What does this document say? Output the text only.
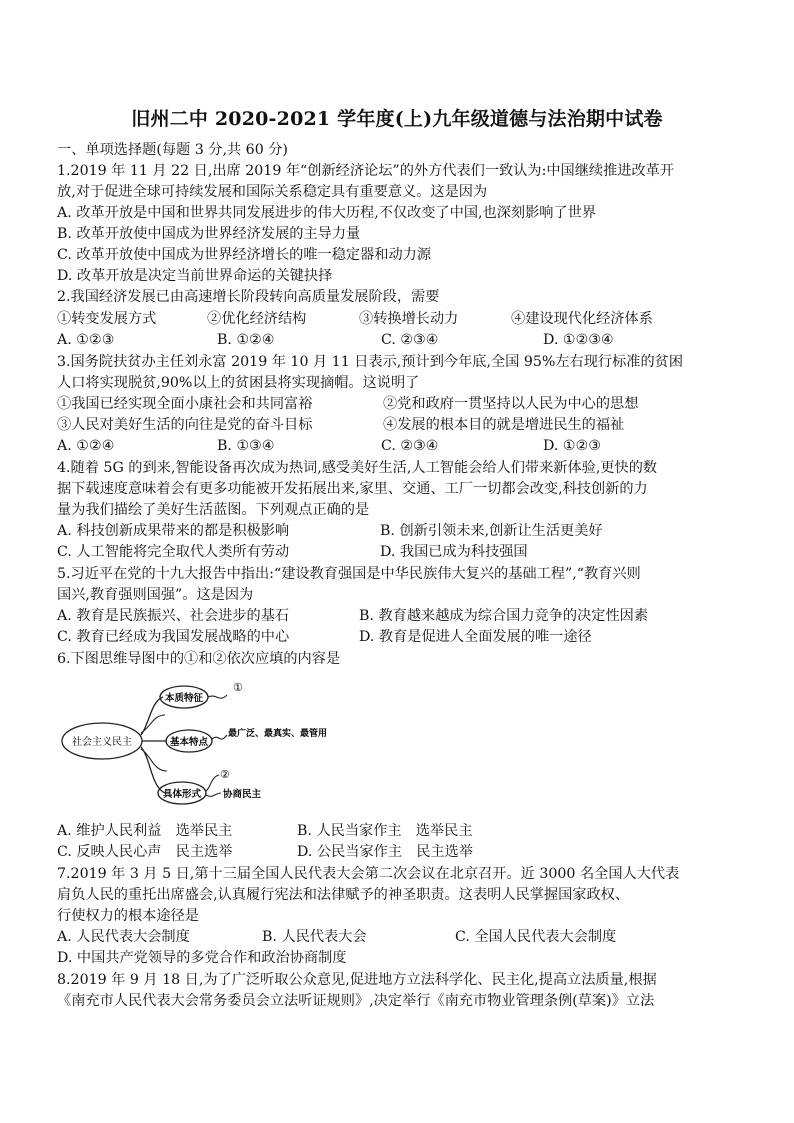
旧州二中 2020-2021 学年度(上)九年级道德与法治期中试卷
一、单项选择题(每题 3 分,共 60 分)
1.2019 年 11 月 22 日,出席 2019 年“创新经济论坛”的外方代表们一致认为:中国继续推进改革开
放,对于促进全球可持续发展和国际关系稳定具有重要意义。这是因为
A. 改革开放是中国和世界共同发展进步的伟大历程,不仅改变了中国,也深刻影响了世界
B. 改革开放使中国成为世界经济发展的主导力量
C. 改革开放使中国成为世界经济增长的唯一稳定器和动力源
D. 改革开放是决定当前世界命运的关键抉择
2.我国经济发展已由高速增长阶段转向高质量发展阶段，需要
①转变发展方式	②优化经济结构	③转换增长动力	④建设现代化经济体系
A. ①②③	B. ①②④	C. ②③④	D. ①②③④
3.国务院扶贫办主任刘永富 2019 年 10 月 11 日表示,预计到今年底,全国 95%左右现行标准的贫困
人口将实现脱贫,90%以上的贫困县将实现摘帽。这说明了
①我国已经实现全面小康社会和共同富裕	②党和政府一贯坚持以人民为中心的思想
③人民对美好生活的向往是党的奋斗目标	④发展的根本目的就是增进民生的福祉
A. ①②④	B. ①③④	C. ②③④	D. ①②③
4.随着 5G 的到来,智能设备再次成为热词,感受美好生活,人工智能会给人们带来新体验,更快的数
据下载速度意味着会有更多功能被开发拓展出来,家里、交通、工厂一切都会改变,科技创新的力
量为我们描绘了美好生活蓝图。下列观点正确的是
A. 科技创新成果带来的都是积极影响	B. 创新引领未来,创新让生活更美好
C. 人工智能将完全取代人类所有劳动	D. 我国已成为科技强国
5.习近平在党的十九大报告中指出:“建设教育强国是中华民族伟大复兴的基础工程”,“教育兴则
国兴,教育强则国强”。这是因为
A. 教育是民族振兴、社会进步的基石	B. 教育越来越成为综合国力竞争的决定性因素
C. 教育已经成为我国发展战略的中心	D. 教育是促进人全面发展的唯一途径
6.下图思维导图中的①和②依次应填的内容是
社会主义民主
本质特征
①
基本特点
最广泛、最真实、最管用
具体形式
②
协商民主
A. 维护人民利益　选举民主	B. 人民当家作主　选举民主
C. 反映人民心声　民主选举	D. 公民当家作主　民主选举
7.2019 年 3 月 5 日,第十三届全国人民代表大会第二次会议在北京召开。近 3000 名全国人大代表
肩负人民的重托出席盛会,认真履行宪法和法律赋予的神圣职责。这表明人民掌握国家政权、
行使权力的根本途径是
A. 人民代表大会制度	B. 人民代表大会	C. 全国人民代表大会制度
D. 中国共产党领导的多党合作和政治协商制度
8.2019 年 9 月 18 日,为了广泛听取公众意见,促进地方立法科学化、民主化,提高立法质量,根据
《南充市人民代表大会常务委员会立法听证规则》,决定举行《南充市物业管理条例(草案)》立法
